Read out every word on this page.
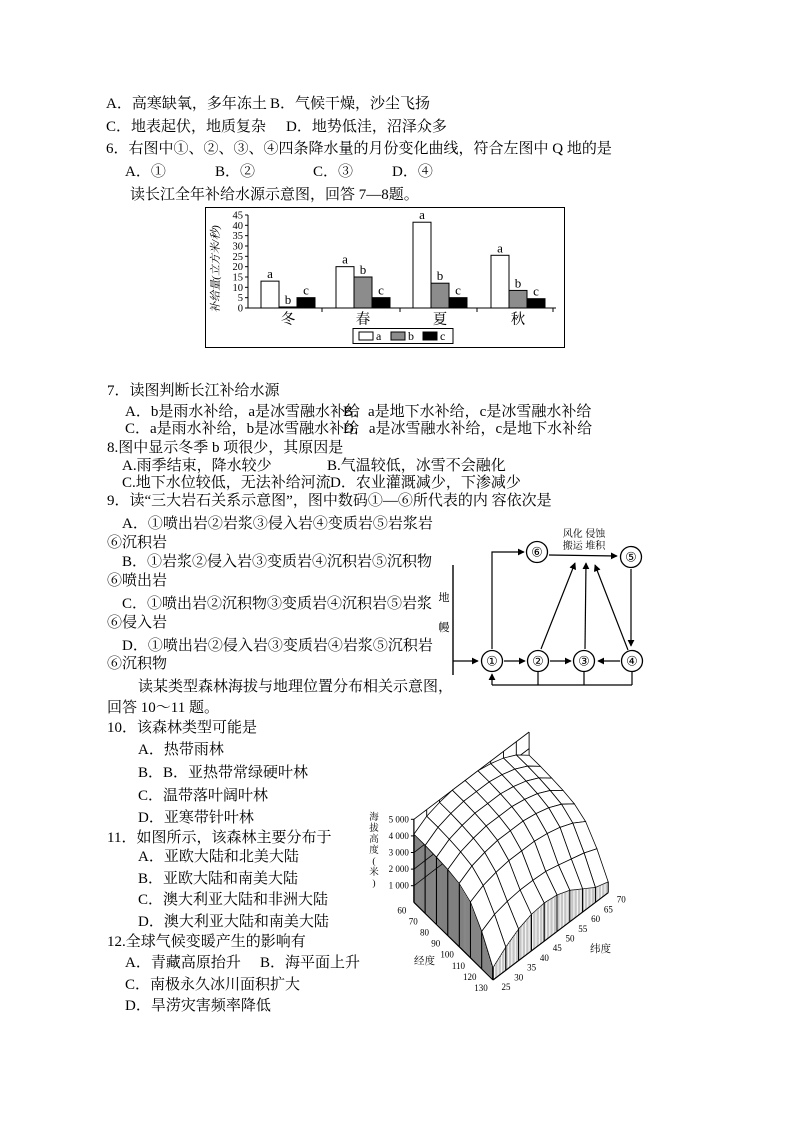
A．高寒缺氧，多年冻土 B．气候干燥，沙尘飞扬
C．地表起伏，地质复杂 D．地势低洼，沼泽众多
6．右图中①、②、③、④四条降水量的月份变化曲线，符合左图中 Q 地的是
A．①	B．②	C．③	D．④
读长江全年补给水源示意图，回答 7—8题。
补给量(立方米/秒) 0
5
10
15
20
25
30
35
40
45
a
b
c
冬
a
b
c
春
a
b
c
夏
a
b
c
秋
a b c
7．读图判断长江补给水源
A．b是雨水补给，a是冰雪融水补给
B．a是地下水补给，c是冰雪融水补给
C．a是雨水补给，b是冰雪融水补给
D．a是冰雪融水补给，c是地下水补给
8.图中显示冬季 b 项很少，其原因是
A.雨季结束，降水较少	B.气温较低，冰雪不会融化
C.地下水位较低，无法补给河流 D．农业灌溉减少，下渗减少
9．读“三大岩石关系示意图”，图中数码①—⑥所代表的内 容依次是
A．①喷出岩②岩浆③侵入岩④变质岩⑤岩浆岩
⑥沉积岩
B．①岩浆②侵入岩③变质岩④沉积岩⑤沉积物
⑥喷出岩
C．①喷出岩②沉积物③变质岩④沉积岩⑤岩浆
⑥侵入岩
D．①喷出岩②侵入岩③变质岩④岩浆⑤沉积岩
⑥沉积物
地
幔
风化 侵蚀
搬运 堆积
①	②	③	④
⑤
⑥
读某类型森林海拔与地理位置分布相关示意图，
回答 10～11 题。
10．该森林类型可能是
A．热带雨林
B．B．亚热带常绿硬叶林
C．温带落叶阔叶林
D．亚寒带针叶林
11．如图所示，该森林主要分布于
A．亚欧大陆和北美大陆
B．亚欧大陆和南美大陆
C．澳大利亚大陆和非洲大陆
D．澳大利亚大陆和南美大陆
1 000
2 000
3 000
4 000
5 000
海
拔
高
度
(
米
)
60
70
80
90
100
110
120
130
经度
25
30
35
40
45
50
55
60
65
70
纬度
12.全球气候变暖产生的影响有
A．青藏高原抬升 B．海平面上升
C．南极永久冰川面积扩大
D．旱涝灾害频率降低
